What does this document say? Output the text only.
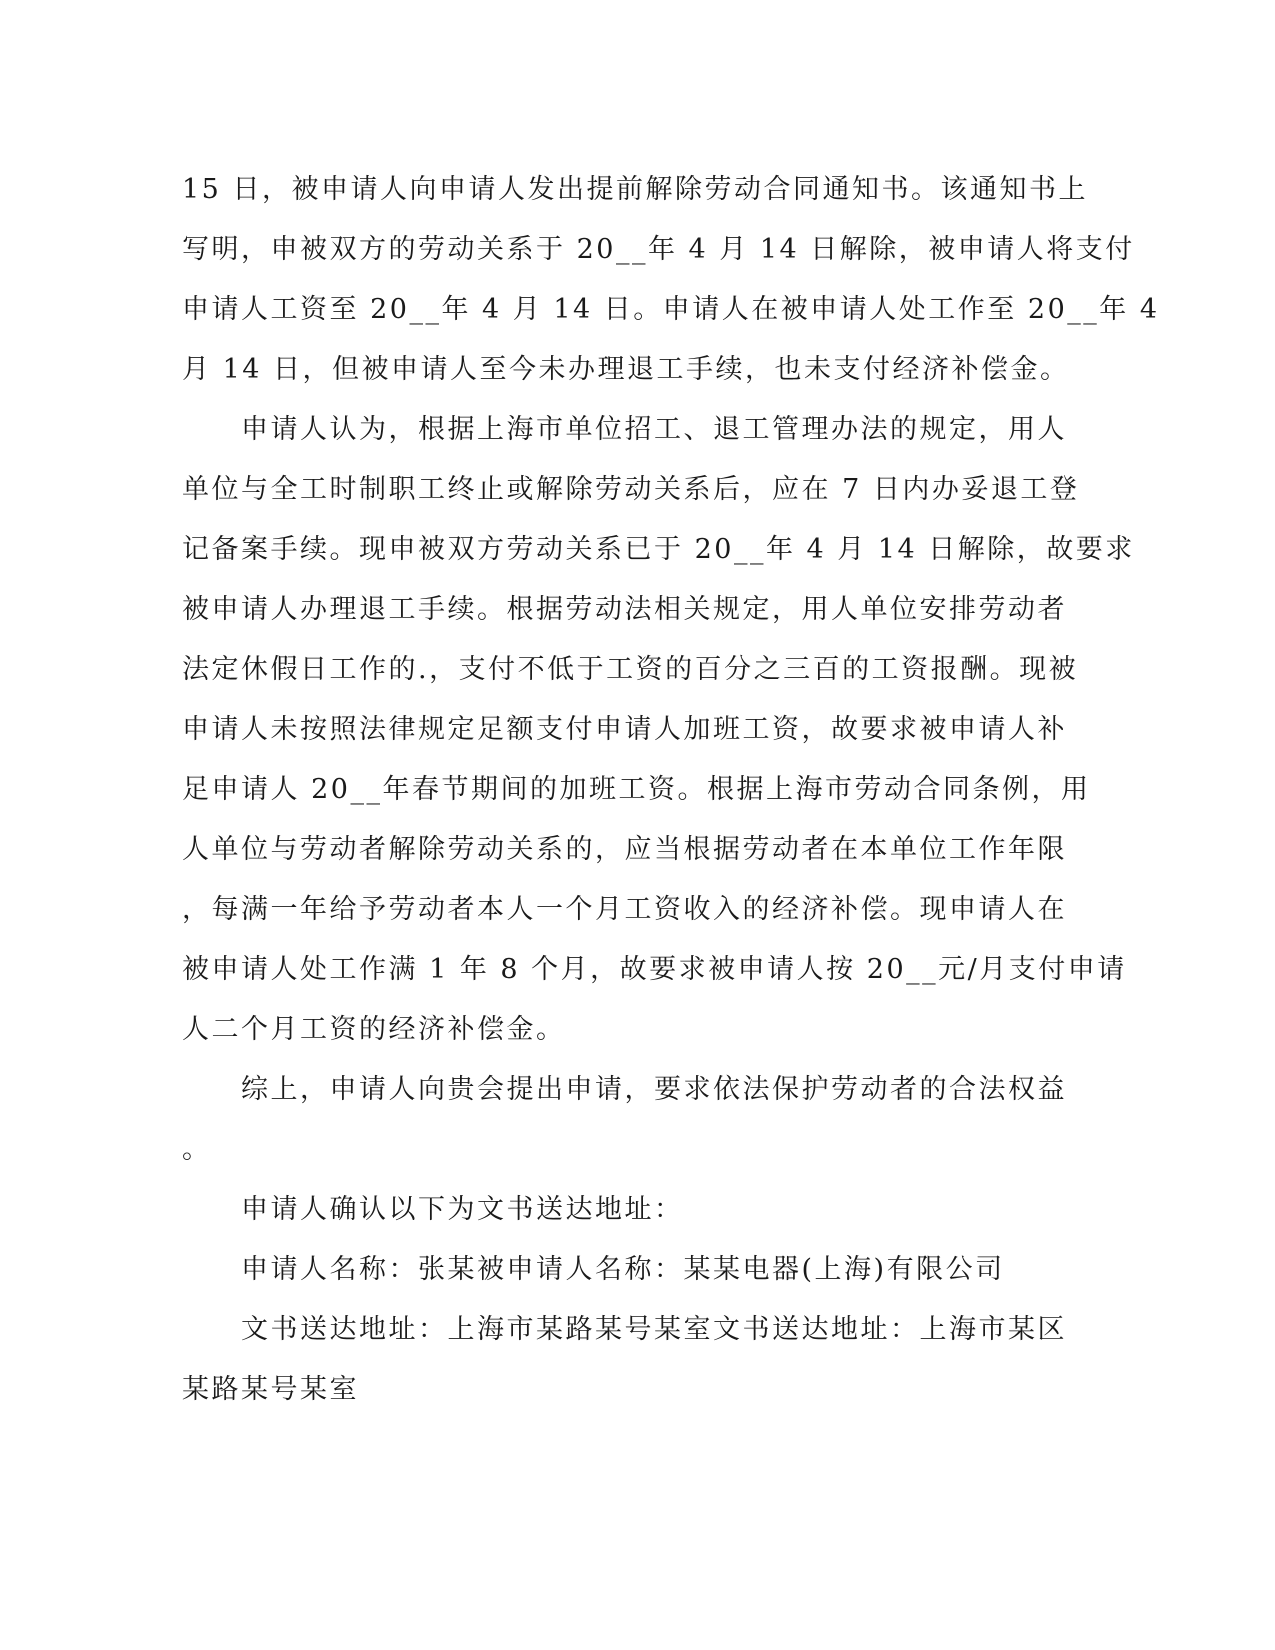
15 日，被申请人向申请人发出提前解除劳动合同通知书。该通知书上
写明，申被双方的劳动关系于 20__年 4 月 14 日解除，被申请人将支付
申请人工资至 20__年 4 月 14 日。申请人在被申请人处工作至 20__年 4
月 14 日，但被申请人至今未办理退工手续，也未支付经济补偿金。
　　申请人认为，根据上海市单位招工、退工管理办法的规定，用人
单位与全工时制职工终止或解除劳动关系后，应在 7 日内办妥退工登
记备案手续。现申被双方劳动关系已于 20__年 4 月 14 日解除，故要求
被申请人办理退工手续。根据劳动法相关规定，用人单位安排劳动者
法定休假日工作的.，支付不低于工资的百分之三百的工资报酬。现被
申请人未按照法律规定足额支付申请人加班工资，故要求被申请人补
足申请人 20__年春节期间的加班工资。根据上海市劳动合同条例，用
人单位与劳动者解除劳动关系的，应当根据劳动者在本单位工作年限
，每满一年给予劳动者本人一个月工资收入的经济补偿。现申请人在
被申请人处工作满 1 年 8 个月，故要求被申请人按 20__元/月支付申请
人二个月工资的经济补偿金。
　　综上，申请人向贵会提出申请，要求依法保护劳动者的合法权益
。
　　申请人确认以下为文书送达地址：
　　申请人名称：张某被申请人名称：某某电器(上海)有限公司
　　文书送达地址：上海市某路某号某室文书送达地址：上海市某区
某路某号某室
